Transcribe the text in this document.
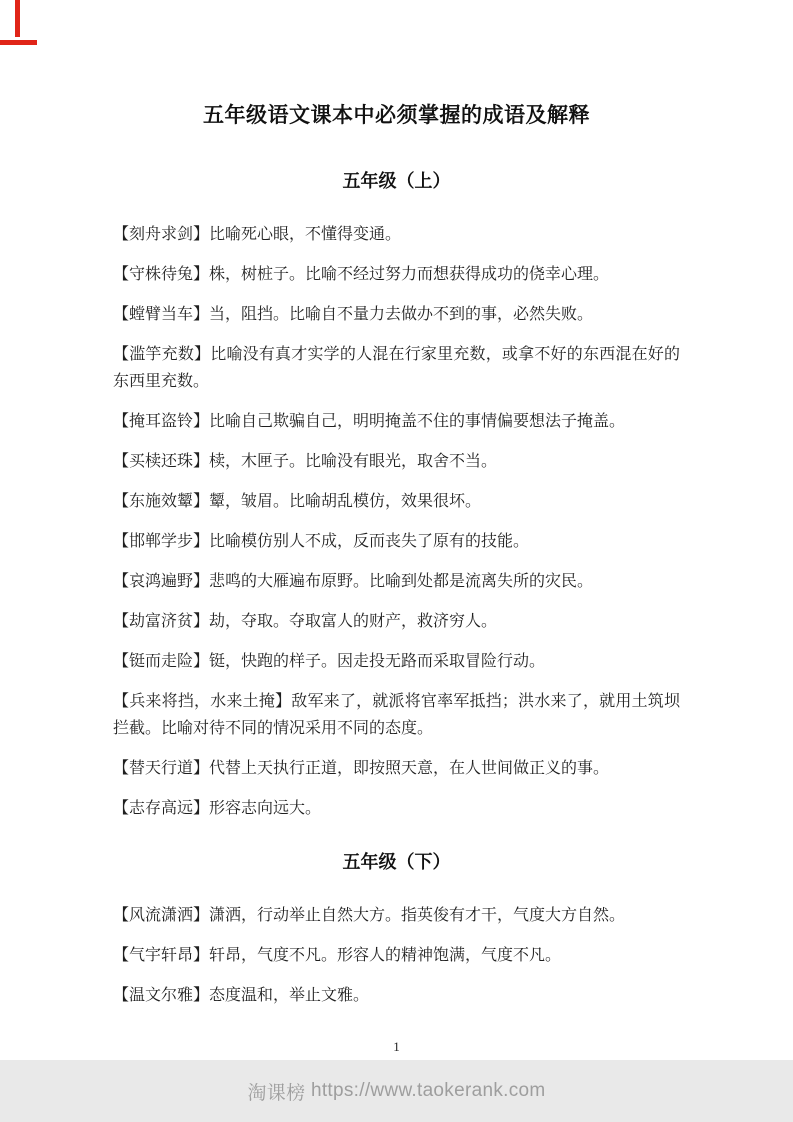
五年级语文课本中必须掌握的成语及解释
五年级（上）

【刻舟求剑】比喻死心眼，不懂得变通。

【守株待兔】株，树桩子。比喻不经过努力而想获得成功的侥幸心理。

【螳臂当车】当，阻挡。比喻自不量力去做办不到的事，必然失败。

【滥竽充数】比喻没有真才实学的人混在行家里充数，或拿不好的东西混在好的东西里充数。

【掩耳盗铃】比喻自己欺骗自己，明明掩盖不住的事情偏要想法子掩盖。

【买椟还珠】椟，木匣子。比喻没有眼光，取舍不当。

【东施效颦】颦，皱眉。比喻胡乱模仿，效果很坏。

【邯郸学步】比喻模仿别人不成，反而丧失了原有的技能。

【哀鸿遍野】悲鸣的大雁遍布原野。比喻到处都是流离失所的灾民。

【劫富济贫】劫，夺取。夺取富人的财产，救济穷人。

【铤而走险】铤，快跑的样子。因走投无路而采取冒险行动。

【兵来将挡，水来土掩】敌军来了，就派将官率军抵挡；洪水来了，就用土筑坝拦截。比喻对待不同的情况采用不同的态度。

【替天行道】代替上天执行正道，即按照天意，在人世间做正义的事。

【志存高远】形容志向远大。

五年级（下）

【风流潇洒】潇洒，行动举止自然大方。指英俊有才干，气度大方自然。

【气宇轩昂】轩昂，气度不凡。形容人的精神饱满，气度不凡。

【温文尔雅】态度温和，举止文雅。

1
淘课榜
https://www.taokerank.com
